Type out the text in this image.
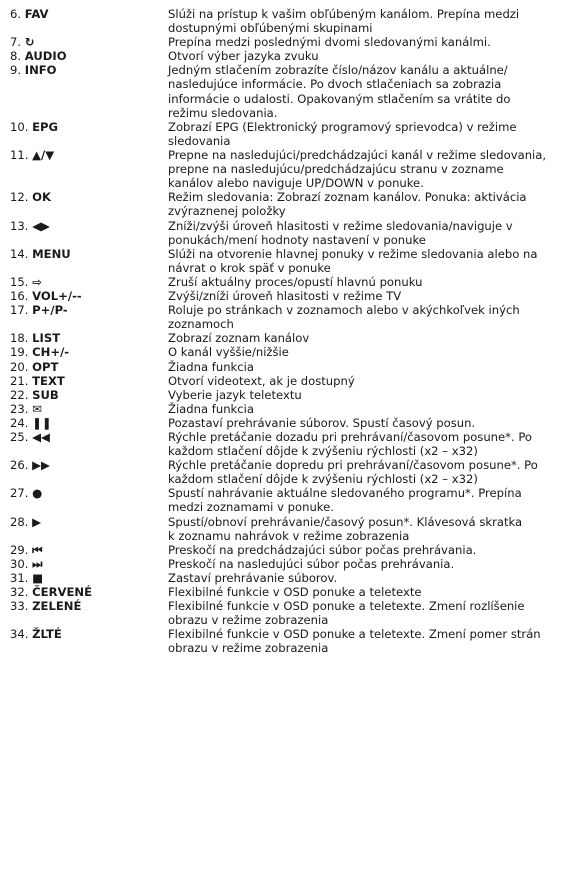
6. FAV	Slúži na prístup k vašim obľúbeným kanálom. Prepína medzi
dostupnými obľúbenými skupinami
7. ↻	Prepína medzi poslednými dvomi sledovanými kanálmi.
8. AUDIO	Otvorí výber jazyka zvuku
9. INFO	Jedným stlačením zobrazíte číslo/názov kanálu a aktuálne/
nasledujúce informácie. Po dvoch stlačeniach sa zobrazia
informácie o udalosti. Opakovaným stlačením sa vrátite do
režimu sledovania.
10. EPG	Zobrazí EPG (Elektronický programový sprievodca) v režime
sledovania
11. ▲/▼	Prepne na nasledujúci/predchádzajúci kanál v režime sledovania,
prepne na nasledujúcu/predchádzajúcu stranu v zozname
kanálov alebo naviguje UP/DOWN v ponuke.
12. OK	Režim sledovania: Zobrazí zoznam kanálov. Ponuka: aktivácia
zvýraznenej položky
13. ◀▶	Zníži/zvýši úroveň hlasitosti v režime sledovania/naviguje v
ponukách/mení hodnoty nastavení v ponuke
14. MENU	Slúži na otvorenie hlavnej ponuky v režime sledovania alebo na
návrat o krok späť v ponuke
15. ⇨	Zruší aktuálny proces/opustí hlavnú ponuku
16. VOL+/--	Zvýši/zníži úroveň hlasitosti v režime TV
17. P+/P-	Roluje po stránkach v zoznamoch alebo v akýchkoľvek iných
zoznamoch
18. LIST	Zobrazí zoznam kanálov
19. CH+/-	O kanál vyššie/nižšie
20. OPT	Žiadna funkcia
21. TEXT	Otvorí videotext, ak je dostupný
22. SUB	Vyberie jazyk teletextu
23. ✉	Žiadna funkcia
24. ❚❚	Pozastaví prehrávanie súborov. Spustí časový posun.
25. ◀◀	Rýchle pretáčanie dozadu pri prehrávaní/časovom posune*. Po
každom stlačení dôjde k zvýšeniu rýchlosti (x2 – x32)
26. ▶▶	Rýchle pretáčanie dopredu pri prehrávaní/časovom posune*. Po
každom stlačení dôjde k zvýšeniu rýchlosti (x2 – x32)
27. ●	Spustí nahrávanie aktuálne sledovaného programu*. Prepína
medzi zoznamami v ponuke.
28. ▶	Spustí/obnoví prehrávanie/časový posun*. Klávesová skratka
k zoznamu nahrávok v režime zobrazenia
29. ⏮	Preskočí na predchádzajúci súbor počas prehrávania.
30. ⏭	Preskočí na nasledujúci súbor počas prehrávania.
31. ■	Zastaví prehrávanie súborov.
32. ČERVENÉ	Flexibilné funkcie v OSD ponuke a teletexte
33. ZELENÉ	Flexibilné funkcie v OSD ponuke a teletexte. Zmení rozlíšenie
obrazu v režime zobrazenia
34. ŽLTÉ	Flexibilné funkcie v OSD ponuke a teletexte. Zmení pomer strán
obrazu v režime zobrazenia
